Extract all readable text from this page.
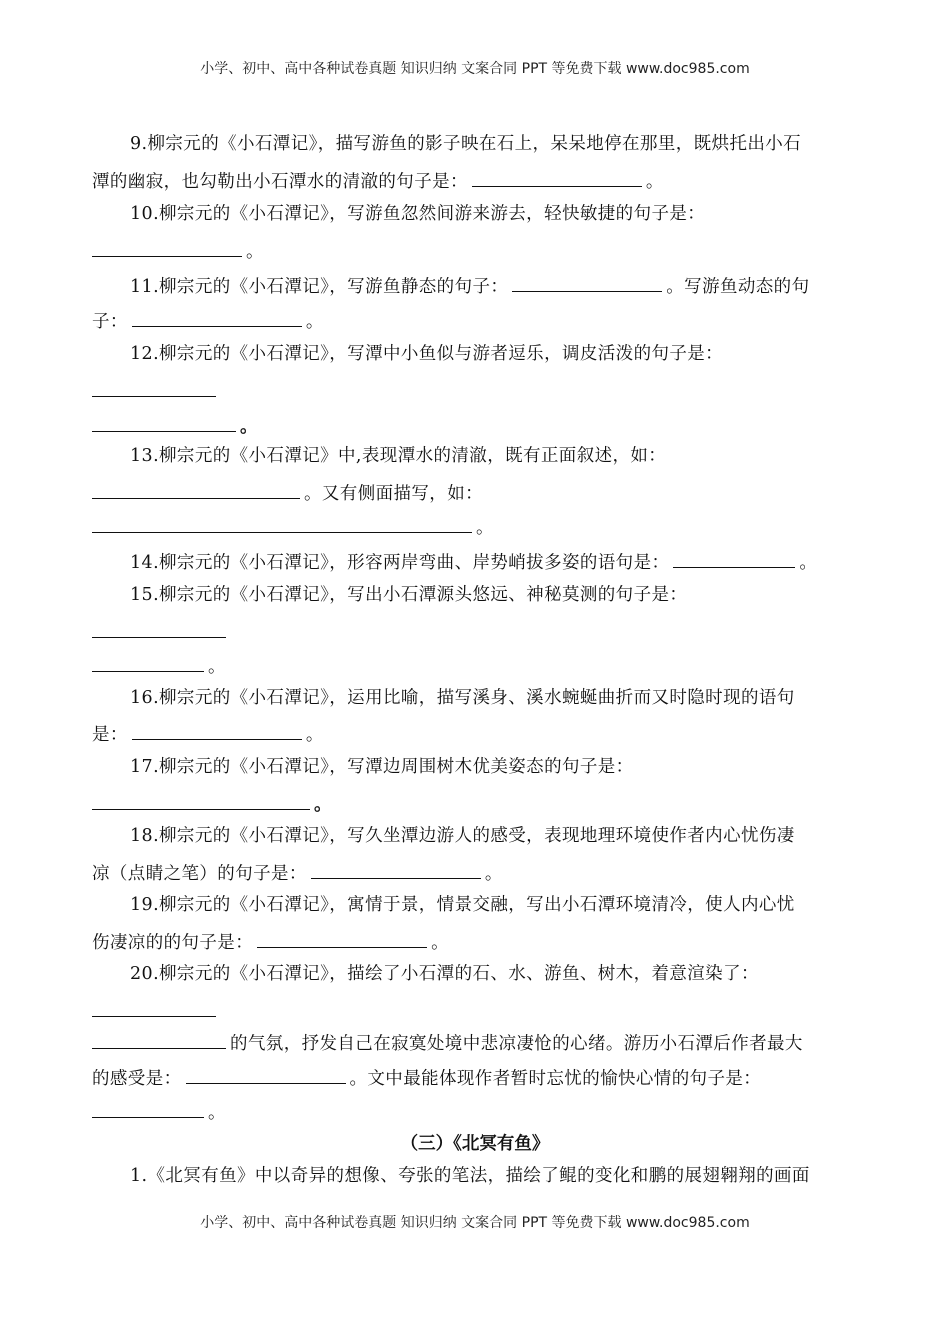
小学、初中、高中各种试卷真题 知识归纳 文案合同 PPT 等免费下载 www.doc985.com
9.柳宗元的《小石潭记》，描写游鱼的影子映在石上，呆呆地停在那里，既烘托出小石
潭的幽寂，也勾勒出小石潭水的清澈的句子是：	。
10.柳宗元的《小石潭记》，写游鱼忽然间游来游去，轻快敏捷的句子是：
。
11.柳宗元的《小石潭记》，写游鱼静态的句子：	。写游鱼动态的句
子：	。
12.柳宗元的《小石潭记》，写潭中小鱼似与游者逗乐，调皮活泼的句子是：
。
13.柳宗元的《小石潭记》中,表现潭水的清澈，既有正面叙述，如：
。又有侧面描写，如：
。
14.柳宗元的《小石潭记》，形容两岸弯曲、岸势峭拔多姿的语句是：	。
15.柳宗元的《小石潭记》，写出小石潭源头悠远、神秘莫测的句子是：
。
16.柳宗元的《小石潭记》，运用比喻，描写溪身、溪水蜿蜒曲折而又时隐时现的语句
是：	。
17.柳宗元的《小石潭记》，写潭边周围树木优美姿态的句子是：
。
18.柳宗元的《小石潭记》，写久坐潭边游人的感受，表现地理环境使作者内心忧伤凄
凉（点睛之笔）的句子是：	。
19.柳宗元的《小石潭记》，寓情于景，情景交融，写出小石潭环境清冷，使人内心忧
伤凄凉的的句子是：	。
20.柳宗元的《小石潭记》，描绘了小石潭的石、水、游鱼、树木，着意渲染了：
的气氛，抒发自己在寂寞处境中悲凉凄怆的心绪。游历小石潭后作者最大
的感受是：	。文中最能体现作者暂时忘忧的愉快心情的句子是：
。
（三）《北冥有鱼》
1.《北冥有鱼》中以奇异的想像、夸张的笔法，描绘了鲲的变化和鹏的展翅翱翔的画面
小学、初中、高中各种试卷真题 知识归纳 文案合同 PPT 等免费下载 www.doc985.com
